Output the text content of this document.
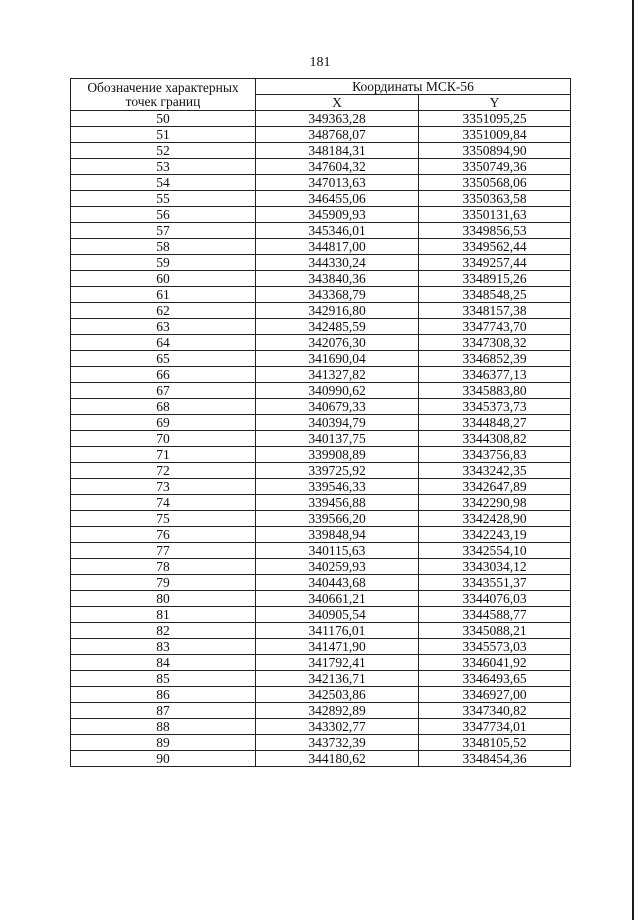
181
Обозначение характерных точек границ	Координаты МСК-56	
	X	Y
50	349363,28	3351095,25
51	348768,07	3351009,84
52	348184,31	3350894,90
53	347604,32	3350749,36
54	347013,63	3350568,06
55	346455,06	3350363,58
56	345909,93	3350131,63
57	345346,01	3349856,53
58	344817,00	3349562,44
59	344330,24	3349257,44
60	343840,36	3348915,26
61	343368,79	3348548,25
62	342916,80	3348157,38
63	342485,59	3347743,70
64	342076,30	3347308,32
65	341690,04	3346852,39
66	341327,82	3346377,13
67	340990,62	3345883,80
68	340679,33	3345373,73
69	340394,79	3344848,27
70	340137,75	3344308,82
71	339908,89	3343756,83
72	339725,92	3343242,35
73	339546,33	3342647,89
74	339456,88	3342290,98
75	339566,20	3342428,90
76	339848,94	3342243,19
77	340115,63	3342554,10
78	340259,93	3343034,12
79	340443,68	3343551,37
80	340661,21	3344076,03
81	340905,54	3344588,77
82	341176,01	3345088,21
83	341471,90	3345573,03
84	341792,41	3346041,92
85	342136,71	3346493,65
86	342503,86	3346927,00
87	342892,89	3347340,82
88	343302,77	3347734,01
89	343732,39	3348105,52
90	344180,62	3348454,36
